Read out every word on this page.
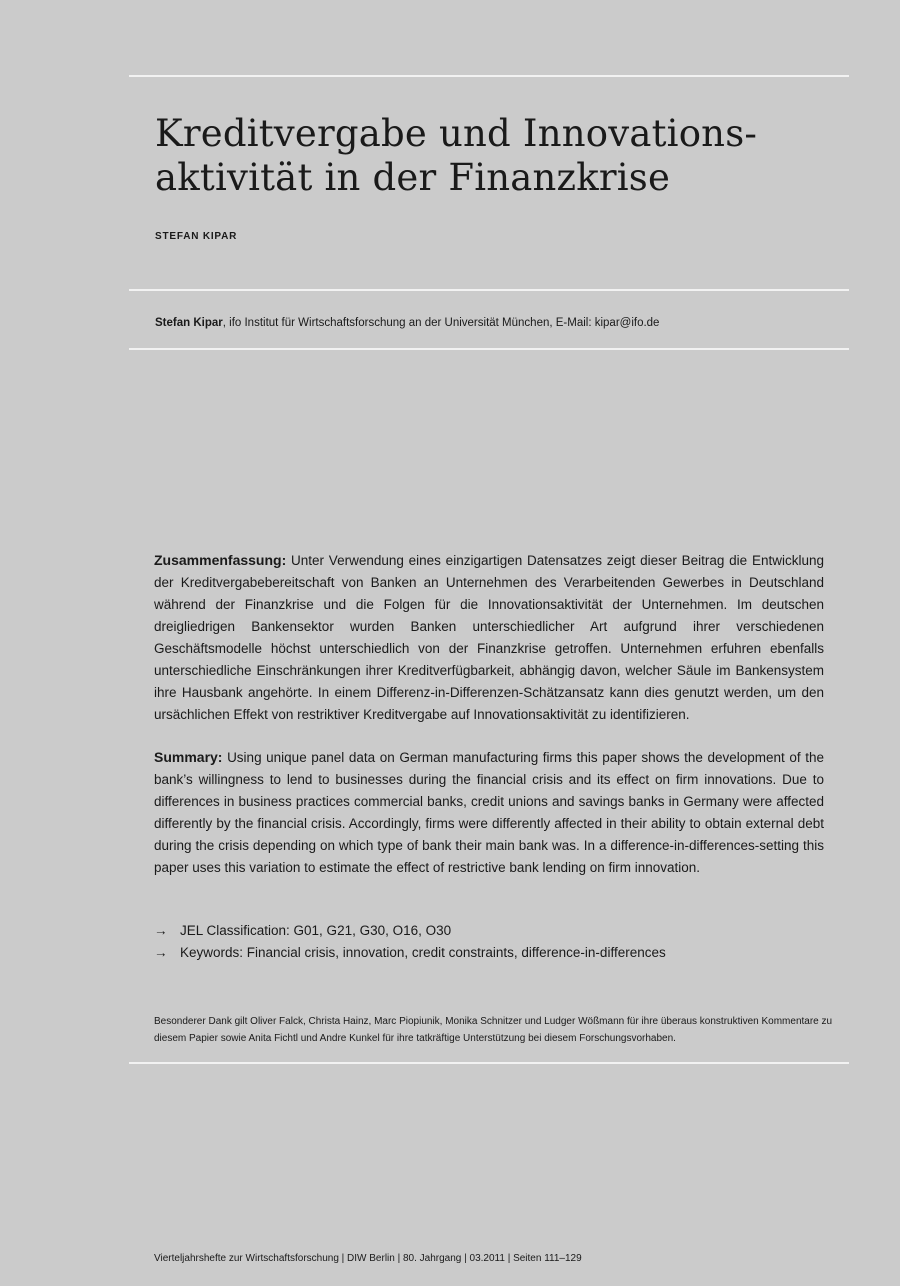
Kreditvergabe und Innovations-
aktivität in der Finanzkrise
STEFAN KIPAR
Stefan Kipar, ifo Institut für Wirtschaftsforschung an der Universität München, E-Mail: kipar@ifo.de

Zusammenfassung: Unter Verwendung eines einzigartigen Datensatzes zeigt dieser Beitrag die Entwicklung der Kreditvergabebereitschaft von Banken an Unternehmen des Verarbeitenden Gewerbes in Deutschland während der Finanzkrise und die Folgen für die Innovationsaktivität der Unternehmen. Im deutschen dreigliedrigen Bankensektor wurden Banken unterschiedlicher Art aufgrund ihrer verschiedenen Geschäftsmodelle höchst unterschiedlich von der Finanzkrise getroffen. Unternehmen erfuhren ebenfalls unterschiedliche Einschränkungen ihrer Kreditverfügbarkeit, abhängig davon, welcher Säule im Bankensystem ihre Hausbank angehörte. In einem Differenz-in-Differenzen-Schätzansatz kann dies genutzt werden, um den ursächlichen Effekt von restriktiver Kreditvergabe auf Innovationsaktivität zu identifizieren.

Summary: Using unique panel data on German manufacturing firms this paper shows the development of the bank’s willingness to lend to businesses during the financial crisis and its effect on firm innovations. Due to differences in business practices commercial banks, credit unions and savings banks in Germany were affected differently by the financial crisis. Accordingly, firms were differently affected in their ability to obtain external debt during the crisis depending on which type of bank their main bank was. In a difference-in-differences-setting this paper uses this variation to estimate the effect of restrictive bank lending on firm innovation.

→ JEL Classification: G01, G21, G30, O16, O30
→ Keywords: Financial crisis, innovation, credit constraints, difference-in-differences

Besonderer Dank gilt Oliver Falck, Christa Hainz, Marc Piopiunik, Monika Schnitzer und Ludger Wößmann für ihre überaus konstruktiven Kommentare zu diesem Papier sowie Anita Fichtl und Andre Kunkel für ihre tatkräftige Unterstützung bei diesem Forschungsvorhaben.

Vierteljahrshefte zur Wirtschaftsforschung | DIW Berlin | 80. Jahrgang | 03.2011 | Seiten 111–129
